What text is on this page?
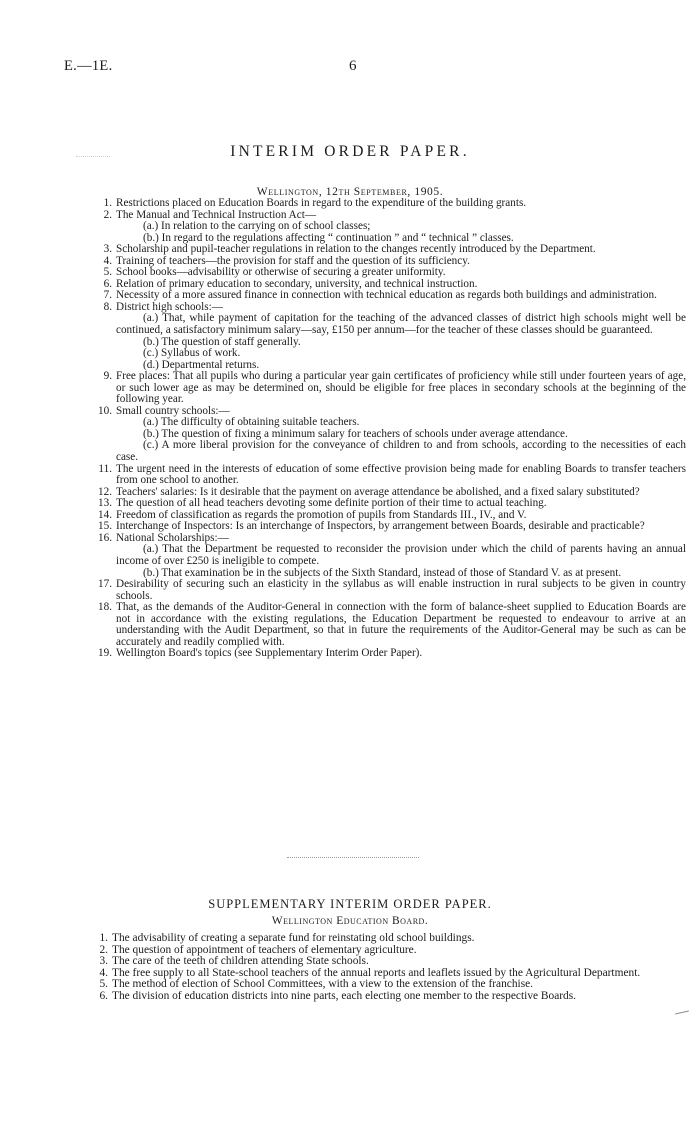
E.—1E.	6
INTERIM ORDER PAPER.
Wellington, 12th September, 1905.
1. Restrictions placed on Education Boards in regard to the expenditure of the building grants.
2. The Manual and Technical Instruction Act—
(a.) In relation to the carrying on of school classes;
(b.) In regard to the regulations affecting “ continuation ” and “ technical ” classes.
3. Scholarship and pupil-teacher regulations in relation to the changes recently introduced by the Department.
4. Training of teachers—the provision for staff and the question of its sufficiency.
5. School books—advisability or otherwise of securing a greater uniformity.
6. Relation of primary education to secondary, university, and technical instruction.
7. Necessity of a more assured finance in connection with technical education as regards both buildings and administration.
8. District high schools:—
(a.) That, while payment of capitation for the teaching of the advanced classes of district high schools might well be continued, a satisfactory minimum salary—say, £150 per annum—for the teacher of these classes should be guaranteed.
(b.) The question of staff generally.
(c.) Syllabus of work.
(d.) Departmental returns.
9. Free places: That all pupils who during a particular year gain certificates of proficiency while still under fourteen years of age, or such lower age as may be determined on, should be eligible for free places in secondary schools at the beginning of the following year.
10. Small country schools:—
(a.) The difficulty of obtaining suitable teachers.
(b.) The question of fixing a minimum salary for teachers of schools under average attendance.
(c.) A more liberal provision for the conveyance of children to and from schools, according to the necessities of each case.
11. The urgent need in the interests of education of some effective provision being made for enabling Boards to transfer teachers from one school to another.
12. Teachers' salaries: Is it desirable that the payment on average attendance be abolished, and a fixed salary substituted?
13. The question of all head teachers devoting some definite portion of their time to actual teaching.
14. Freedom of classification as regards the promotion of pupils from Standards III., IV., and V.
15. Interchange of Inspectors: Is an interchange of Inspectors, by arrangement between Boards, desirable and practicable?
16. National Scholarships:—
(a.) That the Department be requested to reconsider the provision under which the child of parents having an annual income of over £250 is ineligible to compete.
(b.) That examination be in the subjects of the Sixth Standard, instead of those of Standard V. as at present.
17. Desirability of securing such an elasticity in the syllabus as will enable instruction in rural subjects to be given in country schools.
18. That, as the demands of the Auditor-General in connection with the form of balance-sheet supplied to Education Boards are not in accordance with the existing regulations, the Education Department be requested to endeavour to arrive at an understanding with the Audit Department, so that in future the requirements of the Auditor-General may be such as can be accurately and readily complied with.
19. Wellington Board's topics (see Supplementary Interim Order Paper).
SUPPLEMENTARY INTERIM ORDER PAPER.
Wellington Education Board.
1. The advisability of creating a separate fund for reinstating old school buildings.
2. The question of appointment of teachers of elementary agriculture.
3. The care of the teeth of children attending State schools.
4. The free supply to all State-school teachers of the annual reports and leaflets issued by the Agricultural Department.
5. The method of election of School Committees, with a view to the extension of the franchise.
6. The division of education districts into nine parts, each electing one member to the respective Boards.
